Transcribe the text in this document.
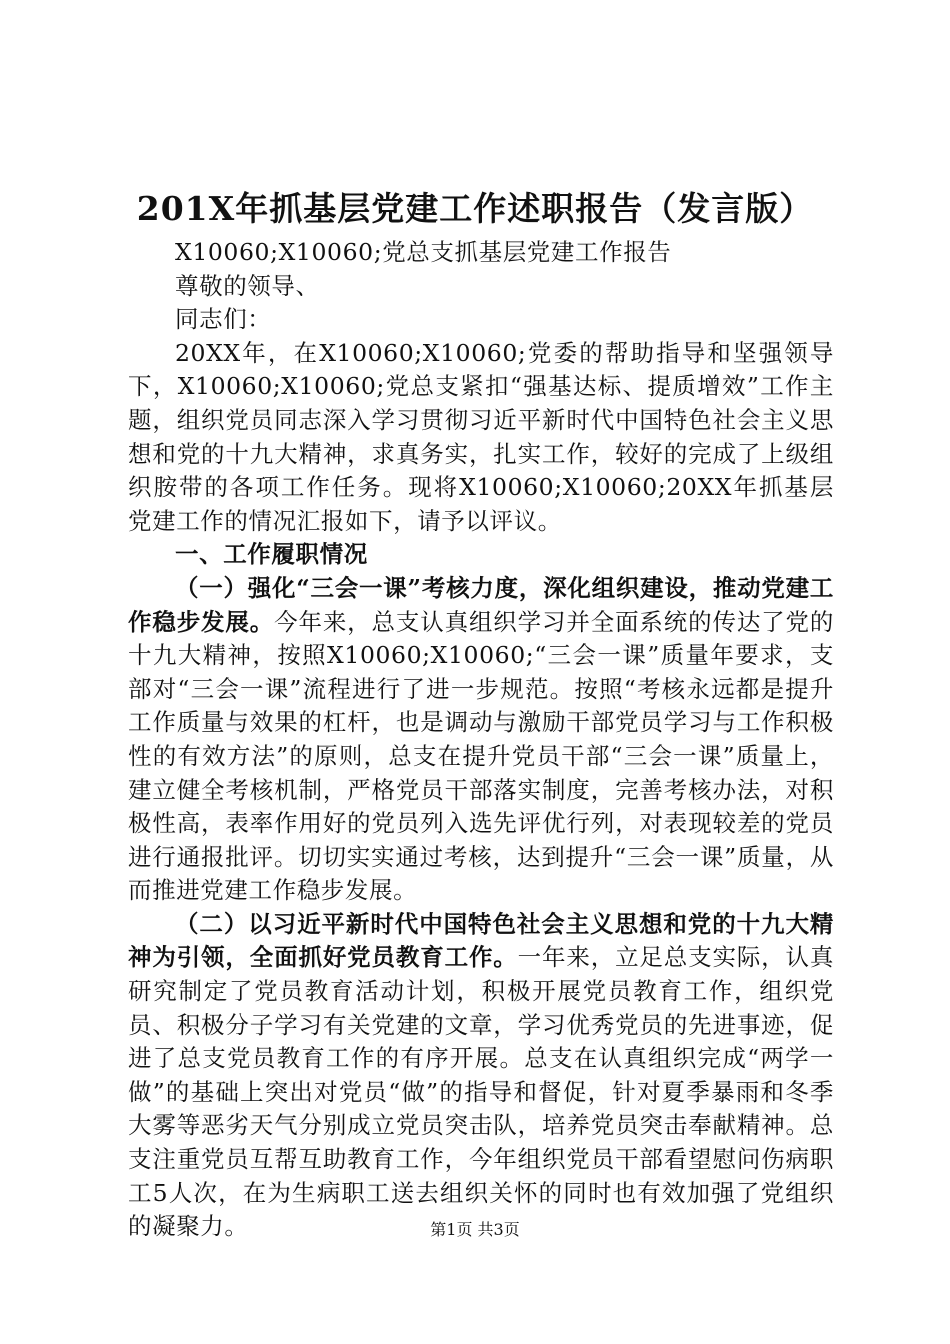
201X年抓基层党建工作述职报告（发言版）
X10060;X10060;党总支抓基层党建工作报告
尊敬的领导、
同志们：

20XX年，在X10060;X10060;党委的帮助指导和坚强领导下，X10060;X10060;党总支紧扣“强基达标、提质增效”工作主题，组织党员同志深入学习贯彻习近平新时代中国特色社会主义思想和党的十九大精神，求真务实，扎实工作，较好的完成了上级组织胺带的各项工作任务。现将X10060;X10060;20XX年抓基层党建工作的情况汇报如下，请予以评议。

一、工作履职情况

（一）强化“三会一课”考核力度，深化组织建设，推动党建工作稳步发展。今年来，总支认真组织学习并全面系统的传达了党的十九大精神，按照X10060;X10060;“三会一课”质量年要求，支部对“三会一课”流程进行了进一步规范。按照“考核永远都是提升工作质量与效果的杠杆，也是调动与激励干部党员学习与工作积极性的有效方法”的原则，总支在提升党员干部“三会一课”质量上，建立健全考核机制，严格党员干部落实制度，完善考核办法，对积极性高，表率作用好的党员列入选先评优行列，对表现较差的党员进行通报批评。切切实实通过考核，达到提升“三会一课”质量，从而推进党建工作稳步发展。

（二）以习近平新时代中国特色社会主义思想和党的十九大精神为引领，全面抓好党员教育工作。一年来，立足总支实际，认真研究制定了党员教育活动计划，积极开展党员教育工作，组织党员、积极分子学习有关党建的文章，学习优秀党员的先进事迹，促进了总支党员教育工作的有序开展。总支在认真组织完成“两学一做”的基础上突出对党员“做”的指导和督促，针对夏季暴雨和冬季大雾等恶劣天气分别成立党员突击队，培养党员突击奉献精神。总支注重党员互帮互助教育工作，今年组织党员干部看望慰问伤病职工5人次，在为生病职工送去组织关怀的同时也有效加强了党组织的凝聚力。	第1页 共3页
